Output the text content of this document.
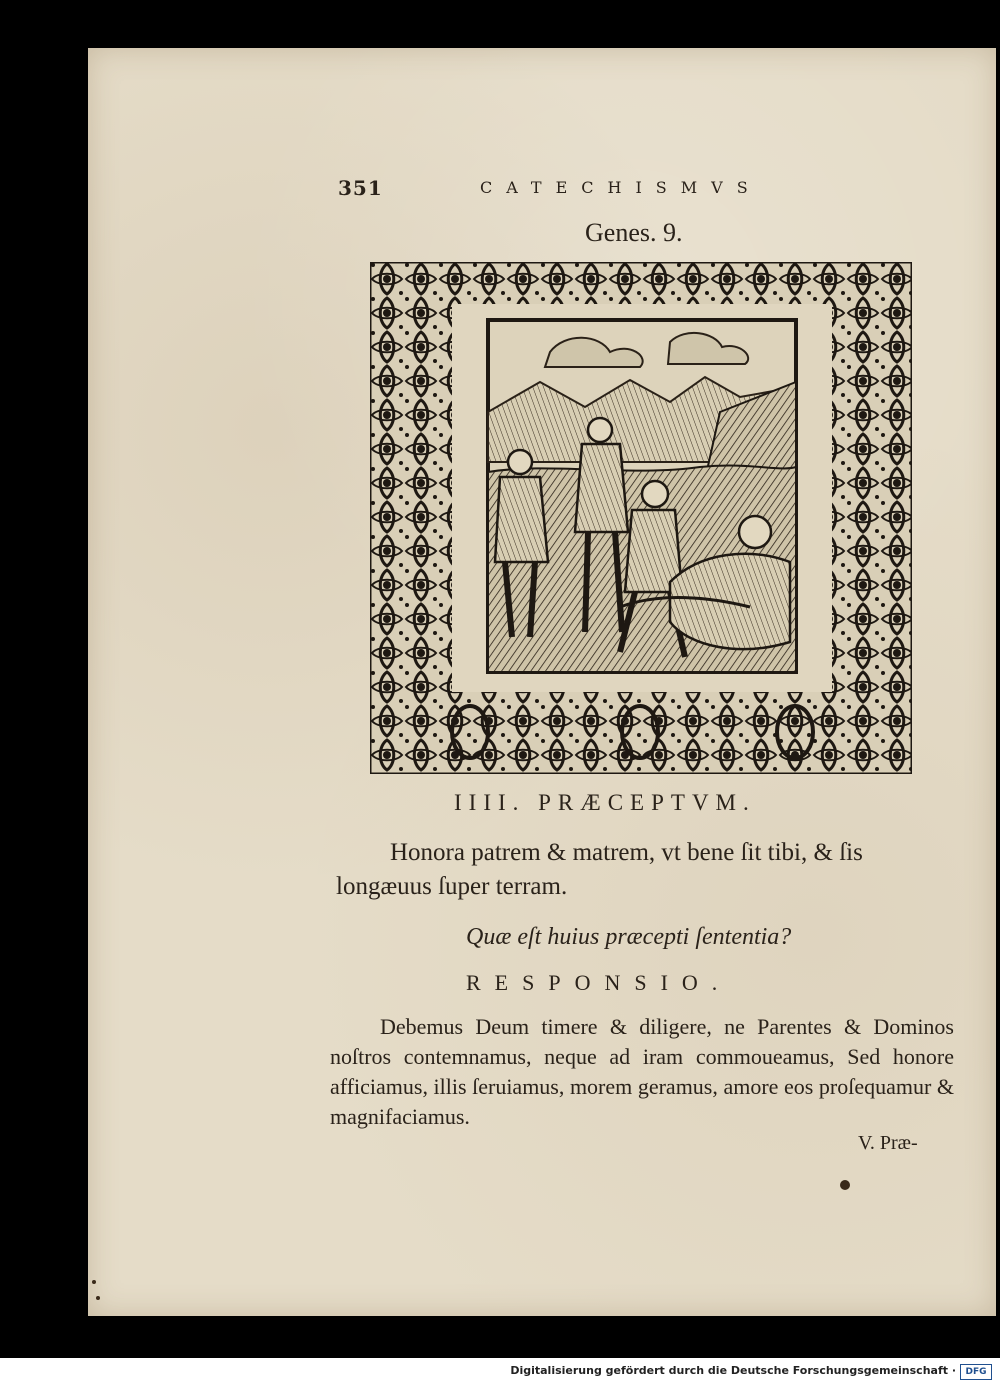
351	CATECHISMVS
Genes. 9.
IIII. PRÆCEPTVM.
Honora patrem & matrem, vt bene ſit tibi, & ſis longæuus ſuper terram.
Quæ eſt huius præcepti ſententia?
RESPONSIO.
Debemus Deum timere & diligere, ne Parentes & Dominos noſtros contemnamus, neque ad iram commoueamus, Sed honore afficiamus, illis ſeruiamus, morem geramus, amore eos proſequamur & magnifaciamus.
V. Præ-
Digitalisierung gefördert durch die Deutsche Forschungsgemeinschaft ·	DFG
